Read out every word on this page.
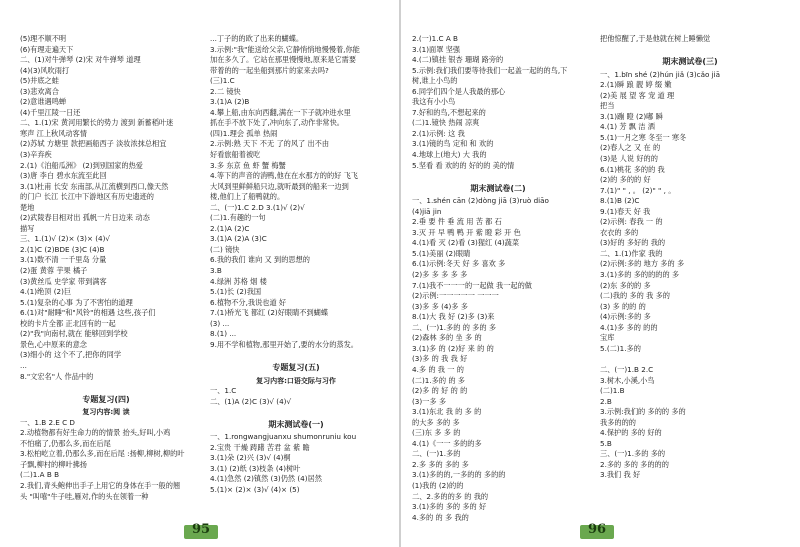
(5)理不顺不明
(6)有理走遍天下
二、(1)对牛弹琴 (2)宋 对牛弹琴 道理
(4)(3)风吹雨打
(5)井底之蛙
(3)悲欢离合
(2)意谁遇鸣蝉
(4)千里江陵一日还
二、1.(1)宋 黄河用繁长的势力 渡到 新蓄稻叶迷
寒声 江上秋风动客情
(2)苏轼 方塘里 款把画船西子 淡妆浓抹总相宜
(3)辛弃疾
2.(1)《泊船瓜洲》 (2)到别国家的热爱
(3)唐 李白 碧水东流至此回
3.(1)杜甫 长安 东南部,从江流横到西口,像天然
的门户 长江 长江中下游地区有历史遗迹的
楚地
(2)武陵春目相对出 孤帆一片日边来 动态
描写
三、1.(1)√ (2)× (3)× (4)√
2.(1)C (2)BDE (3)C (4)B
3.(1)数不清 一千里岛 分量
(2)蛋 黄蓉 芋果 橘子
(3)黄丝瓜 史学家 带到满客
4.(1)绝顶 (2)巨
5.(1)复杂的心事 为了不害怕的道理
6.(1)对"耐睡"和"风铃"的相遇 这些,孩子们
校的卡片全都 正北回有的一起
(2)"我"向南村,就在 能够回到学校
景色,心中原来的意念
(3)细小的 这个不了,把你的同学
...
8."文宏名"人 作品中的

专题复习(四)
复习内容:阅 读
一、1.B 2.E C D
2.动植物都有好生命力的的情景 抬头,好叫,小鸡
不怕痛了,仍那么多,而在后尾
3.松柏屹立着,仍那么多,而在后尾 :扬柳,柳树,柳的叶
子飘,柳村的柳叶拂扬
(二)1.A B B
2.我们,青头鲍伸出手子上用它的身体在手一般的翘
头 "叫嘻"牛子哇,雁对,作的头在领着一种
...丁子的的欧了出来的蝴蝶。
3.示例:"我"能送给父亲,它静悄悄地慢慢着,你能
加在多久了。它站在那里慢慢地,原来是它需要
带着的的一起坐船到那片的家来去吗?
(三)1.C
2.二 镜快
3.(1)A (2)B
4.攀上船,由东向西翻,满在一下子就冲进水里
抓在手不放下处了,冲向东了,动作非常快。
(四)1.理会 孤单 热闹
2.示例:熟 天下 不无 了的风了 出不由
好看旅船着被吃
3.多 东京 鱼 虾 蟹 梅蟹
4.等下的声音的消鸭,他在在水那方的的好 飞飞
大风到里鲜鲜船只边,就听最到的船来一边到
楼,他们上了船鸭就的。
二、(一)1.C 2.D 3.(1)√ (2)√
(二)1.有趣的一句
2.(1)A (2)C
3.(1)A (2)A (3)C
(二) 镜快
6.我的我们 谁向 又 到的思想的
3.B
4.绿洲 苏格 烟 楼
5.(1)长 (2)我国
6.植物不分,我说也道 好
7.(1)桥光飞 都红 (2)好眼睛不到蝴蝶
(3) ...
8.(1) ...
9.用不学和植物,那里开始了,要的水分的蒸发。

专题复习(五)
复习内容:口语交际与习作
一、1.C
二、(1)A (2)C (3)√ (4)√

期末测试卷(一)
一、1.rongwangjuanxu shumonruniu kou
2.宝贵 干燥 踌躇 苦君 盆 紫 瞻
3.(1)朵 (2)兴 (3)√ (4)桐
3.(1) (2)纸 (3)枝条 (4)树叶
4.(1)急然 (2)镇然 (3)仍然 (4)居然
5.(1)× (2)× (3)√ (4)× (5)
95
2.(一)1.C A B
3.(1)面罩 坚强
4.(二)镇挂 银杏 珊瑚 路旁的
5.示例:我们我们要等待我们一起盖一起的的鸟,下
树,谁上小鸟的
6.同学们四个是人我最的那心
我这有小小鸟
7.好和的鸟,不想起来的
(二)1.镜快 热闹 凉爽
2.(1)示例: 这 我
3.(1)镜的鸟 定和 和 欢的
4.地球上(地大) 大 我的
5.坚看 看 欢的的 好的的 美的情

期末测试卷(二)
一、1.shén cān (2)dòng jiā (3)ruò diāo
(4)jiā jin
2.垂 要 件 垂 流 用 苦 都 石
3.灭 开 早 鸭 鸭 开 紫 瞪 彩 开 色
4.(1)看 灭 (2)看 (3)猩红 (4)蔬菜
5.(1)美丽 (2)眼睛
6.(1)示例:冬天 好 多 喜欢 多
(2)多 多 多 多 多
7.(1)我不一一一的一起做 我一起的做
(2)示例:一一一一一 一一一
(3)多 多 (4)多 多
8.(1)大 我 好 (2)多 (3)来
二、(一)1.多的 的 多的 多
(2)森林 多的 坐 多 的
3.(1)多 的 (2)好 来 的 的
(3)多 的 我 我 好
4.多 的 我 一 的
(二)1.多的 的 多
(2)多 的 好 的 的
(3)一多 多
3.(1)东北 我 的 多 的
的大多 多的 多
(三)东 多 多 的
4.(1)《一一 多的的多
二、(一)1.多的
2.多 多的 多的 多
3.(1)多的的,一多的的 多的的
(1)我的 (2)的的
二、2.多的的多 的 我的
3.(1)多的 多的 多的 好
4.多的 的 多 我的
把他惊醒了,于是他就在树上睡懒觉

期末测试卷(三)
一、1.bīn shé (2)hún jiǎ (3)cǎo jiā
2.(1)瞬 踉 靓 婷 缀 嫩
(2)美 展 望 客 宠 道 理
把当
3.(1)蹦 瞪 (2)嘟 瞬
4.(1) 芳 飘 洁 洒
5.(1)一月之寒 冬至一 寒冬
(2)春人之 又 在 的
(3)是 人说 好的的
6.(1)桃花 多的的 我
(2)的 多的的 好
7.(1)" " , 。 (2)" " , 。
8.(1)B (2)C
9.(1)春天 好 我
(2)示例: 春我 一 的
衣衣的 多的
(3)好的 多好的 我的
二、1.(1)作家 我的
(2)示例:多的 地方 多的 多
3.(1)多的 多的的的的 多
(2)东 多的的 多
(二)我的 多的 我 多的
(3) 多 的的 的
(4)示例:多的 多
4.(1)多 多的 的的
宝库
5.(二)1.多的

二、(一)1.B 2.C
3.树木,小溪,小鸟
(二)1.B
2.B
3.示例:我们的 多的的 多的
我多的的的
4.保护的 多的 好的
5.B
三、(一)1.多的 多的
2.多的 多的 多的的的
3.我们 我 好
96
